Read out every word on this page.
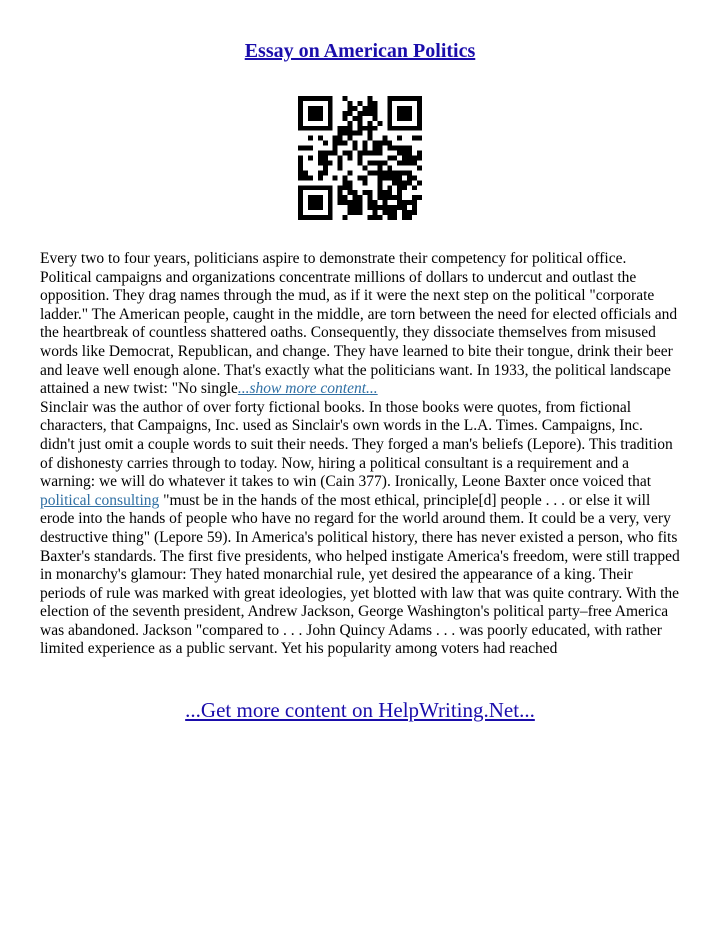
Essay on American Politics

Every two to four years, politicians aspire to demonstrate their competency for political office. Political campaigns and organizations concentrate millions of dollars to undercut and outlast the opposition. They drag names through the mud, as if it were the next step on the political "corporate ladder." The American people, caught in the middle, are torn between the need for elected officials and the heartbreak of countless shattered oaths. Consequently, they dissociate themselves from misused words like Democrat, Republican, and change. They have learned to bite their tongue, drink their beer and leave well enough alone. That's exactly what the politicians want. In 1933, the political landscape attained a new twist: "No single...show more content...

Sinclair was the author of over forty fictional books. In those books were quotes, from fictional characters, that Campaigns, Inc. used as Sinclair's own words in the L.A. Times. Campaigns, Inc. didn't just omit a couple words to suit their needs. They forged a man's beliefs (Lepore). This tradition of dishonesty carries through to today. Now, hiring a political consultant is a requirement and a warning: we will do whatever it takes to win (Cain 377). Ironically, Leone Baxter once voiced that political consulting "must be in the hands of the most ethical, principle[d] people . . . or else it will erode into the hands of people who have no regard for the world around them. It could be a very, very destructive thing" (Lepore 59). In America's political history, there has never existed a person, who fits Baxter's standards. The first five presidents, who helped instigate America's freedom, were still trapped in monarchy's glamour: They hated monarchial rule, yet desired the appearance of a king. Their periods of rule was marked with great ideologies, yet blotted with law that was quite contrary. With the election of the seventh president, Andrew Jackson, George Washington's political party–free America was abandoned. Jackson "compared to . . . John Quincy Adams . . . was poorly educated, with rather limited experience as a public servant. Yet his popularity among voters had reached

...Get more content on HelpWriting.Net...
